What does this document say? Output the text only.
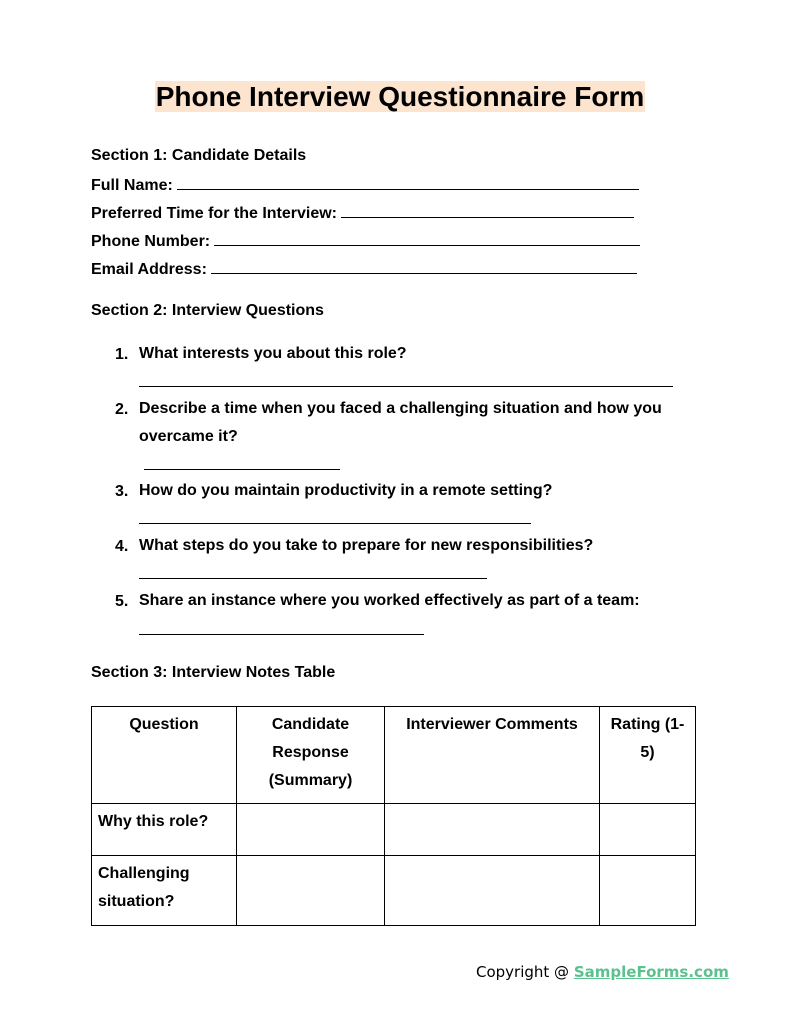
Phone Interview Questionnaire Form
Section 1: Candidate Details
Full Name:
Preferred Time for the Interview:
Phone Number:
Email Address:
Section 2: Interview Questions
1. What interests you about this role?
2. Describe a time when you faced a challenging situation and how you overcame it?
3. How do you maintain productivity in a remote setting?
4. What steps do you take to prepare for new responsibilities?
5. Share an instance where you worked effectively as part of a team:
Section 3: Interview Notes Table
Question	Candidate Response (Summary)	Interviewer Comments	Rating (1-5)
Why this role?			
Challenging situation?			
Copyright @ SampleForms.com
